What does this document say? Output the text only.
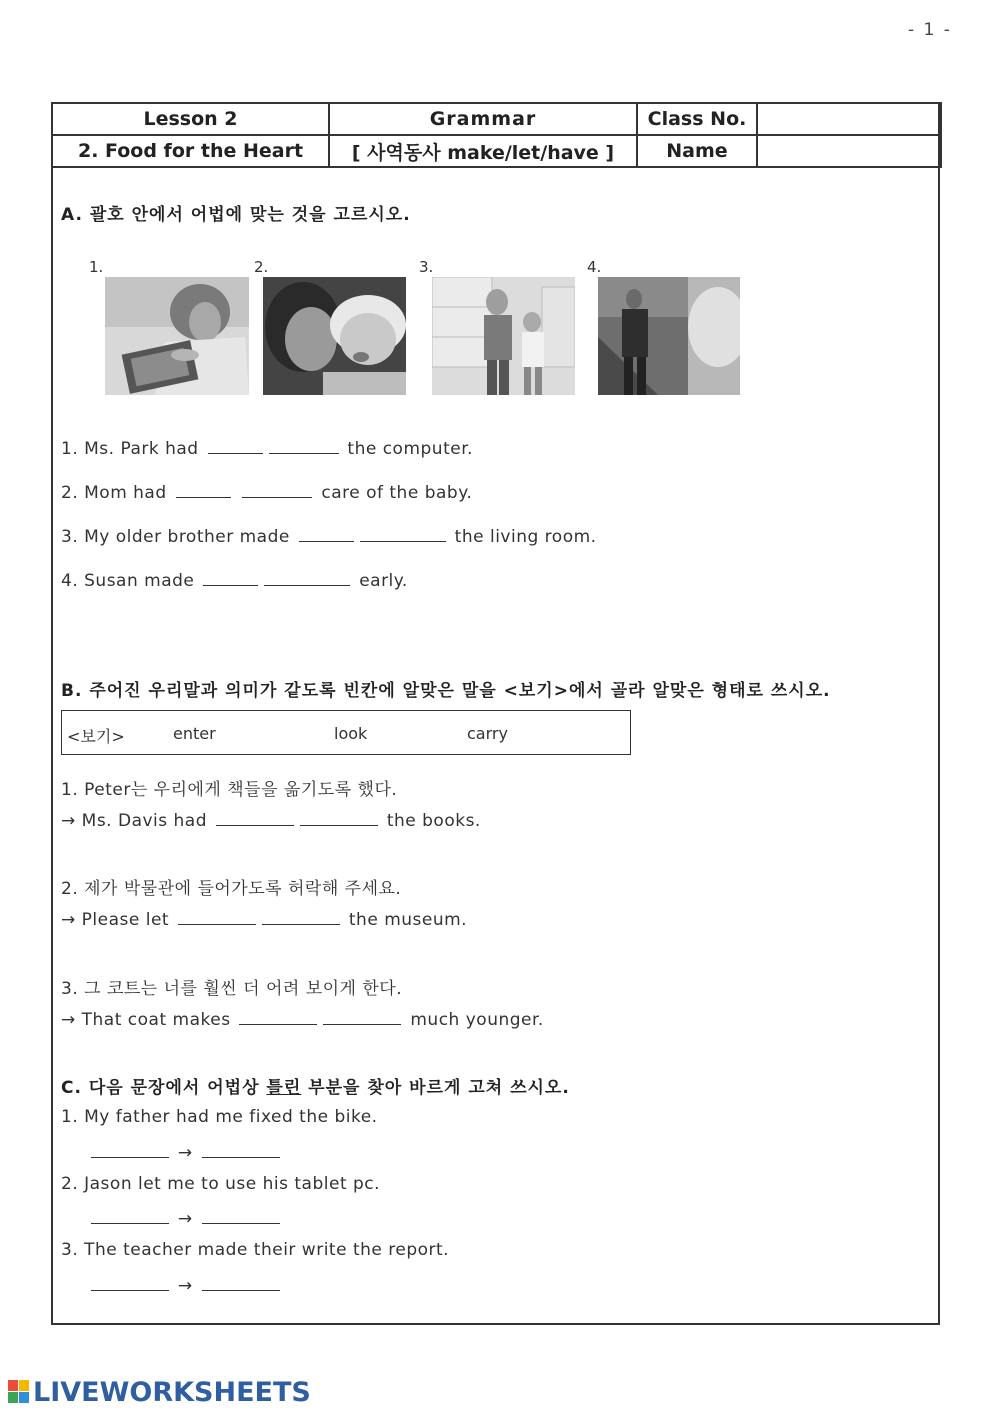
- 1 -
Lesson 2	Grammar	Class No.	
2. Food for the Heart	[ 사역동사 make/let/have ]	Name	
A. 괄호 안에서 어법에 맞는 것을 고르시오.
1.	2.	3.	4.
1. Ms. Park had	the computer.
2. Mom had	care of the baby.
3. My older brother made	the living room.
4. Susan made	early.
B. 주어진 우리말과 의미가 같도록 빈칸에 알맞은 말을 <보기>에서 골라 알맞은 형태로 쓰시오.
<보기>	enter	look	carry
1. Peter는 우리에게 책들을 옮기도록 했다.
→ Ms. Davis had	the books.
2. 제가 박물관에 들어가도록 허락해 주세요.
→ Please let	the museum.
3. 그 코트는 너를 훨씬 더 어려 보이게 한다.
→ That coat makes	much younger.
C. 다음 문장에서 어법상 틀린 부분을 찾아 바르게 고쳐 쓰시오.
1. My father had me fixed the bike.
→
2. Jason let me to use his tablet pc.
→
3. The teacher made their write the report.
→
LIVEWORKSHEETS
